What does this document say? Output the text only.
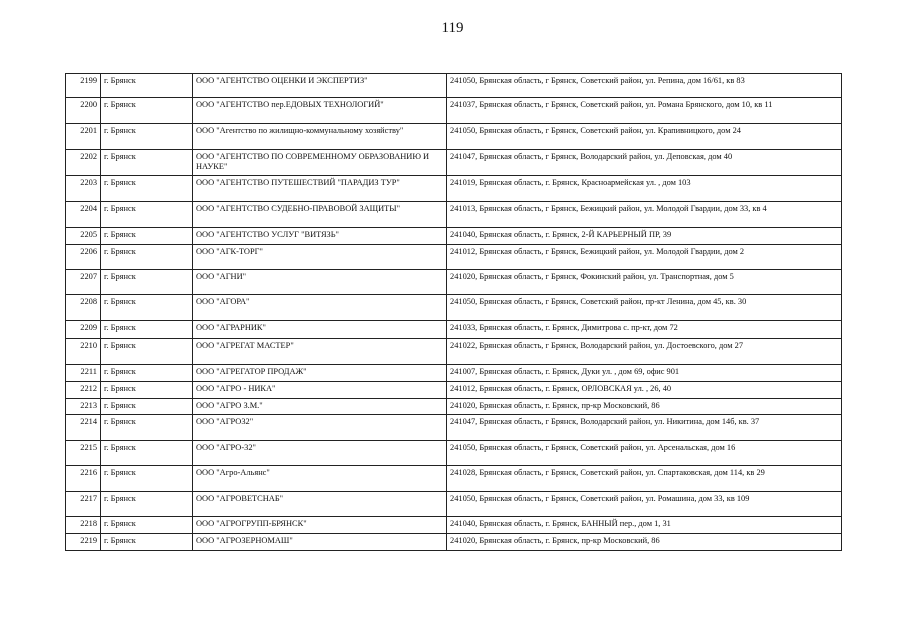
119
2199	г. Брянск	ООО "АГЕНТСТВО ОЦЕНКИ И ЭКСПЕРТИЗ"	241050, Брянская область, г Брянск, Советский район, ул. Репина, дом 16/61, кв 83
2200	г. Брянск	ООО "АГЕНТСТВО пер.ЕДОВЫХ ТЕХНОЛОГИЙ"	241037, Брянская область, г Брянск, Советский район, ул. Романа Брянского, дом 10, кв 11
2201	г. Брянск	ООО "Агентство по жилищно-коммунальному хозяйству"	241050, Брянская область, г Брянск, Советский район, ул. Крапивницкого, дом 24
2202	г. Брянск	ООО "АГЕНТСТВО ПО СОВРЕМЕННОМУ ОБРАЗОВАНИЮ И НАУКЕ"	241047, Брянская область, г Брянск, Володарский район, ул. Деповская, дом 40
2203	г. Брянск	ООО "АГЕНТСТВО ПУТЕШЕСТВИЙ "ПАРАДИЗ ТУР"	241019, Брянская область, г. Брянск, Красноармейская ул. , дом 103
2204	г. Брянск	ООО "АГЕНТСТВО СУДЕБНО-ПРАВОВОЙ ЗАЩИТЫ"	241013, Брянская область, г Брянск, Бежицкий район, ул. Молодой Гвардии, дом 33, кв 4
2205	г. Брянск	ООО "АГЕНТСТВО УСЛУГ "ВИТЯЗЬ"	241040, Брянская область, г. Брянск, 2-Й КАРЬЕРНЫЙ ПР, 39
2206	г. Брянск	ООО "АГК-ТОРГ"	241012, Брянская область, г Брянск, Бежицкий район, ул. Молодой Гвардии, дом 2
2207	г. Брянск	ООО "АГНИ"	241020, Брянская область, г Брянск, Фокинский район, ул. Транспортная, дом 5
2208	г. Брянск	ООО "АГОРА"	241050, Брянская область, г Брянск, Советский район, пр-кт Ленина, дом 45, кв. 30
2209	г. Брянск	ООО "АГРАРНИК"	241033, Брянская область, г. Брянск, Димитрова с. пр-кт, дом 72
2210	г. Брянск	ООО "АГРЕГАТ МАСТЕР"	241022, Брянская область, г Брянск, Володарский район, ул. Достоевского, дом 27
2211	г. Брянск	ООО "АГРЕГАТОР ПРОДАЖ"	241007, Брянская область, г. Брянск, Дуки ул. , дом 69, офис 901
2212	г. Брянск	ООО "АГРО - НИКА"	241012, Брянская область, г. Брянск, ОРЛОВСКАЯ ул. , 26, 40
2213	г. Брянск	ООО "АГРО З.М."	241020, Брянская область, г. Брянск, пр-кр Московский, 86
2214	г. Брянск	ООО "АГРО32"	241047, Брянская область, г Брянск, Володарский район, ул. Никитина, дом 14б, кв. 37
2215	г. Брянск	ООО "АГРО-32"	241050, Брянская область, г Брянск, Советский район, ул. Арсенальская, дом 16
2216	г. Брянск	ООО "Агро-Альянс"	241028, Брянская область, г Брянск, Советский район, ул. Спартаковская, дом 114, кв 29
2217	г. Брянск	ООО "АГРОВЕТСНАБ"	241050, Брянская область, г Брянск, Советский район, ул. Ромашина, дом 33, кв 109
2218	г. Брянск	ООО "АГРОГРУПП-БРЯНСК"	241040, Брянская область, г. Брянск, БАННЫЙ пер., дом 1, 31
2219	г. Брянск	ООО "АГРОЗЕРНОМАШ"	241020, Брянская область, г. Брянск, пр-кр Московский, 86
